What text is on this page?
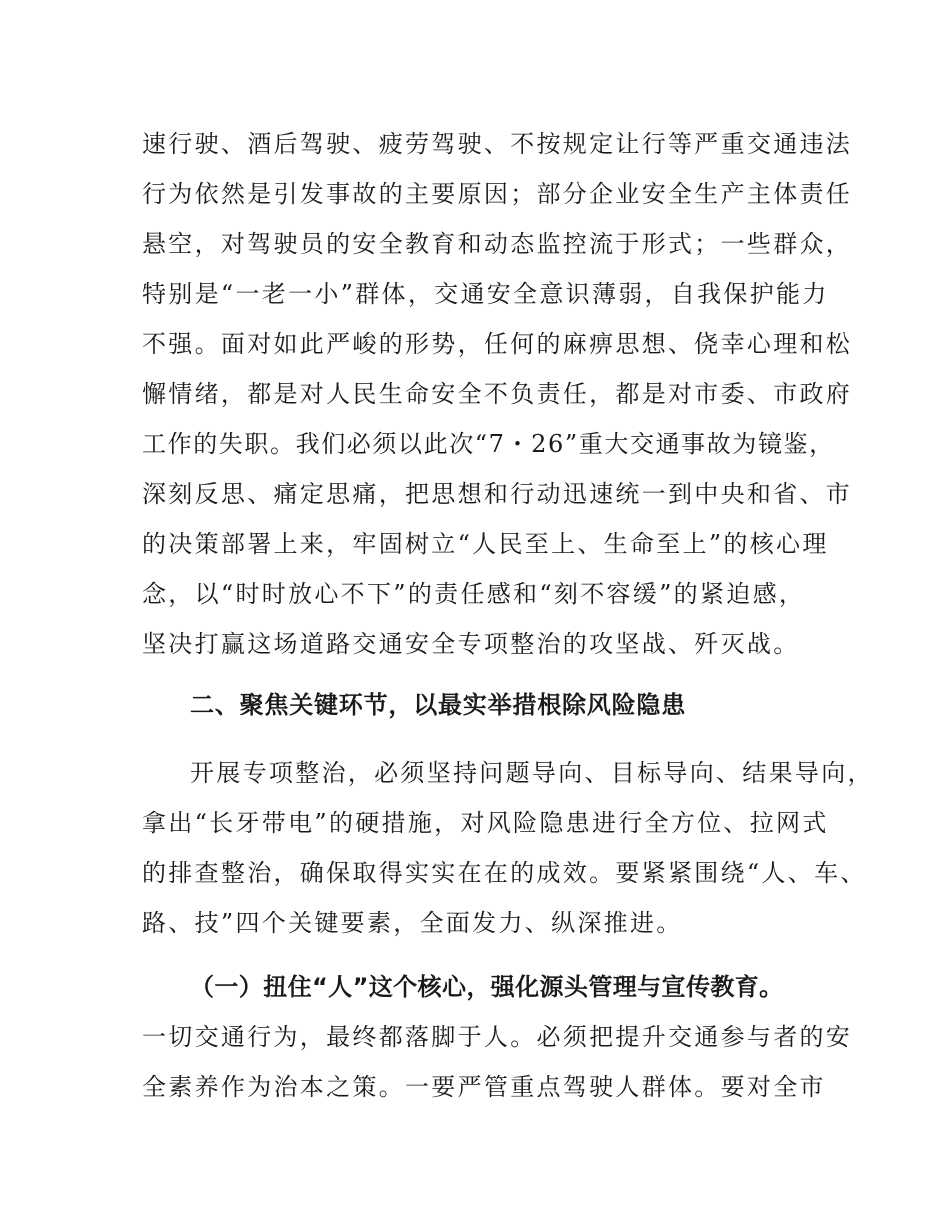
速行驶、酒后驾驶、疲劳驾驶、不按规定让行等严重交通违法
行为依然是引发事故的主要原因；部分企业安全生产主体责任
悬空，对驾驶员的安全教育和动态监控流于形式；一些群众，
特别是“一老一小”群体，交通安全意识薄弱，自我保护能力
不强。面对如此严峻的形势，任何的麻痹思想、侥幸心理和松
懈情绪，都是对人民生命安全不负责任，都是对市委、市政府
工作的失职。我们必须以此次“7・26”重大交通事故为镜鉴，
深刻反思、痛定思痛，把思想和行动迅速统一到中央和省、市
的决策部署上来，牢固树立“人民至上、生命至上”的核心理
念，以“时时放心不下”的责任感和“刻不容缓”的紧迫感，
坚决打赢这场道路交通安全专项整治的攻坚战、歼灭战。
二、聚焦关键环节，以最实举措根除风险隐患
开展专项整治，必须坚持问题导向、目标导向、结果导向，
拿出“长牙带电”的硬措施，对风险隐患进行全方位、拉网式
的排查整治，确保取得实实在在的成效。要紧紧围绕“人、车、
路、技”四个关键要素，全面发力、纵深推进。
（一）扭住“人”这个核心，强化源头管理与宣传教育。
一切交通行为，最终都落脚于人。必须把提升交通参与者的安
全素养作为治本之策。一要严管重点驾驶人群体。要对全市
